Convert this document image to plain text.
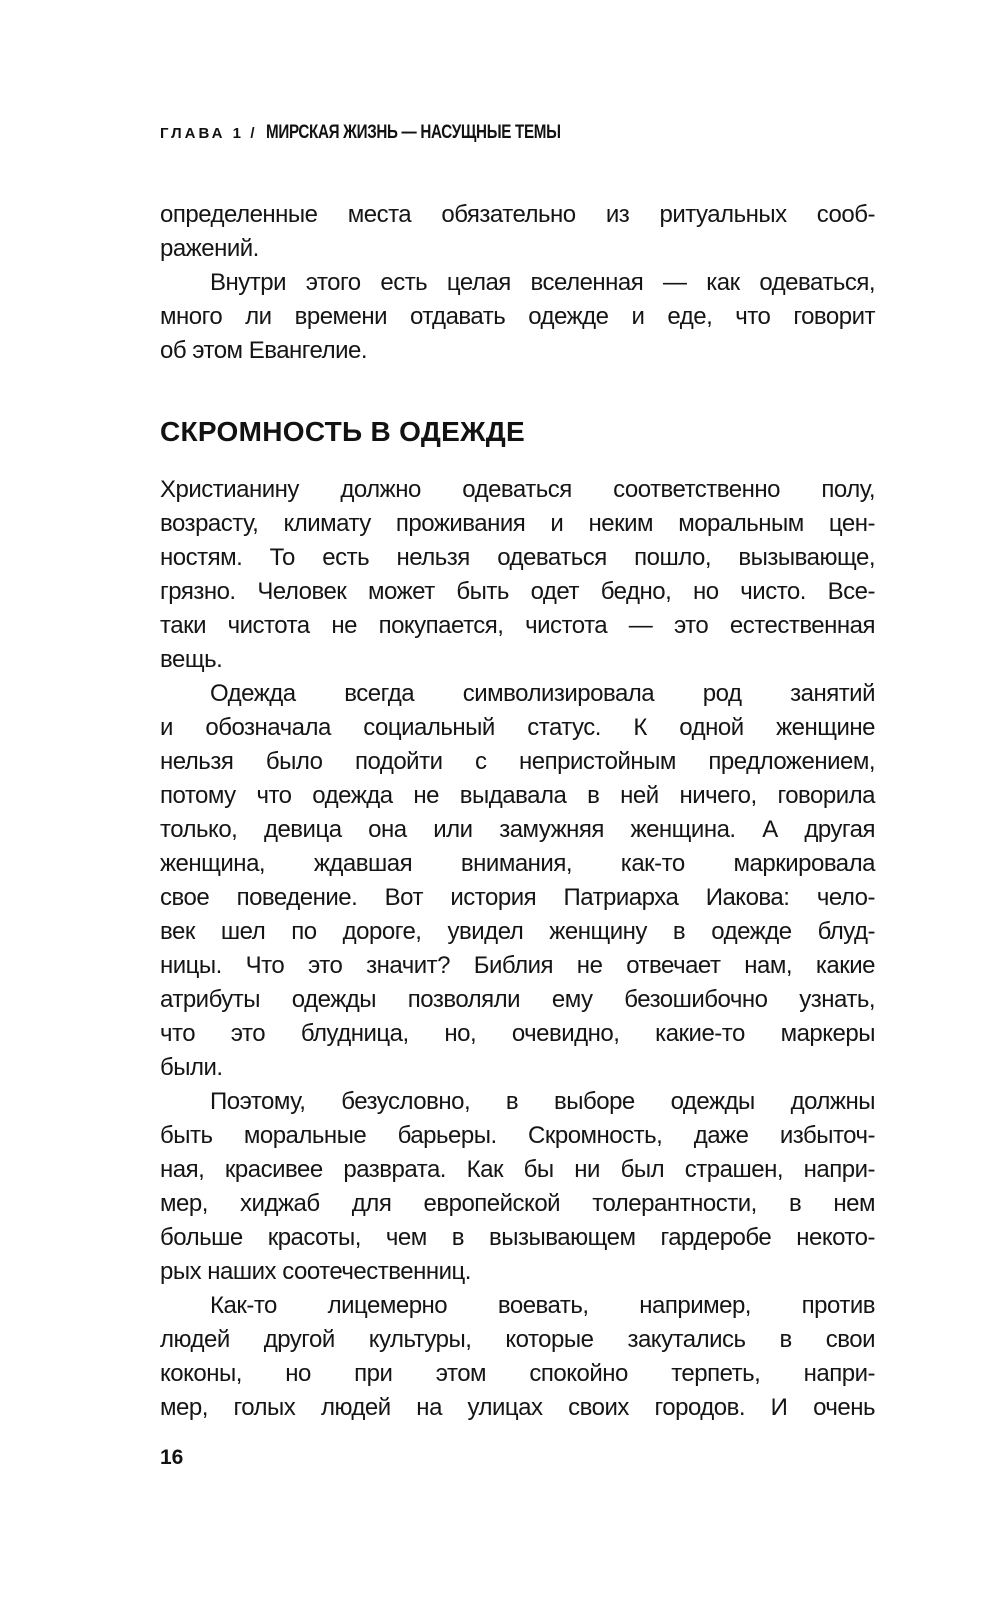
ГЛАВА 1 / МИРСКАЯ ЖИЗНЬ — НАСУЩНЫЕ ТЕМЫ
определенные места обязательно из ритуальных сооб-
ражений.
Внутри этого есть целая вселенная — как одеваться,
много ли времени отдавать одежде и еде, что говорит
об этом Евангелие.
СКРОМНОСТЬ В ОДЕЖДЕ
Христианину должно одеваться соответственно полу,
возрасту, климату проживания и неким моральным цен-
ностям. То есть нельзя одеваться пошло, вызывающе,
грязно. Человек может быть одет бедно, но чисто. Все-
таки чистота не покупается, чистота — это естественная
вещь.
Одежда всегда символизировала род занятий
и обозначала социальный статус. К одной женщине
нельзя было подойти с непристойным предложением,
потому что одежда не выдавала в ней ничего, говорила
только, девица она или замужняя женщина. А другая
женщина, ждавшая внимания, как-то маркировала
свое поведение. Вот история Патриарха Иакова: чело-
век шел по дороге, увидел женщину в одежде блуд-
ницы. Что это значит? Библия не отвечает нам, какие
атрибуты одежды позволяли ему безошибочно узнать,
что это блудница, но, очевидно, какие-то маркеры
были.
Поэтому, безусловно, в выборе одежды должны
быть моральные барьеры. Скромность, даже избыточ-
ная, красивее разврата. Как бы ни был страшен, напри-
мер, хиджаб для европейской толерантности, в нем
больше красоты, чем в вызывающем гардеробе некото-
рых наших соотечественниц.
Как-то лицемерно воевать, например, против
людей другой культуры, которые закутались в свои
коконы, но при этом спокойно терпеть, напри-
мер, голых людей на улицах своих городов. И очень
16
